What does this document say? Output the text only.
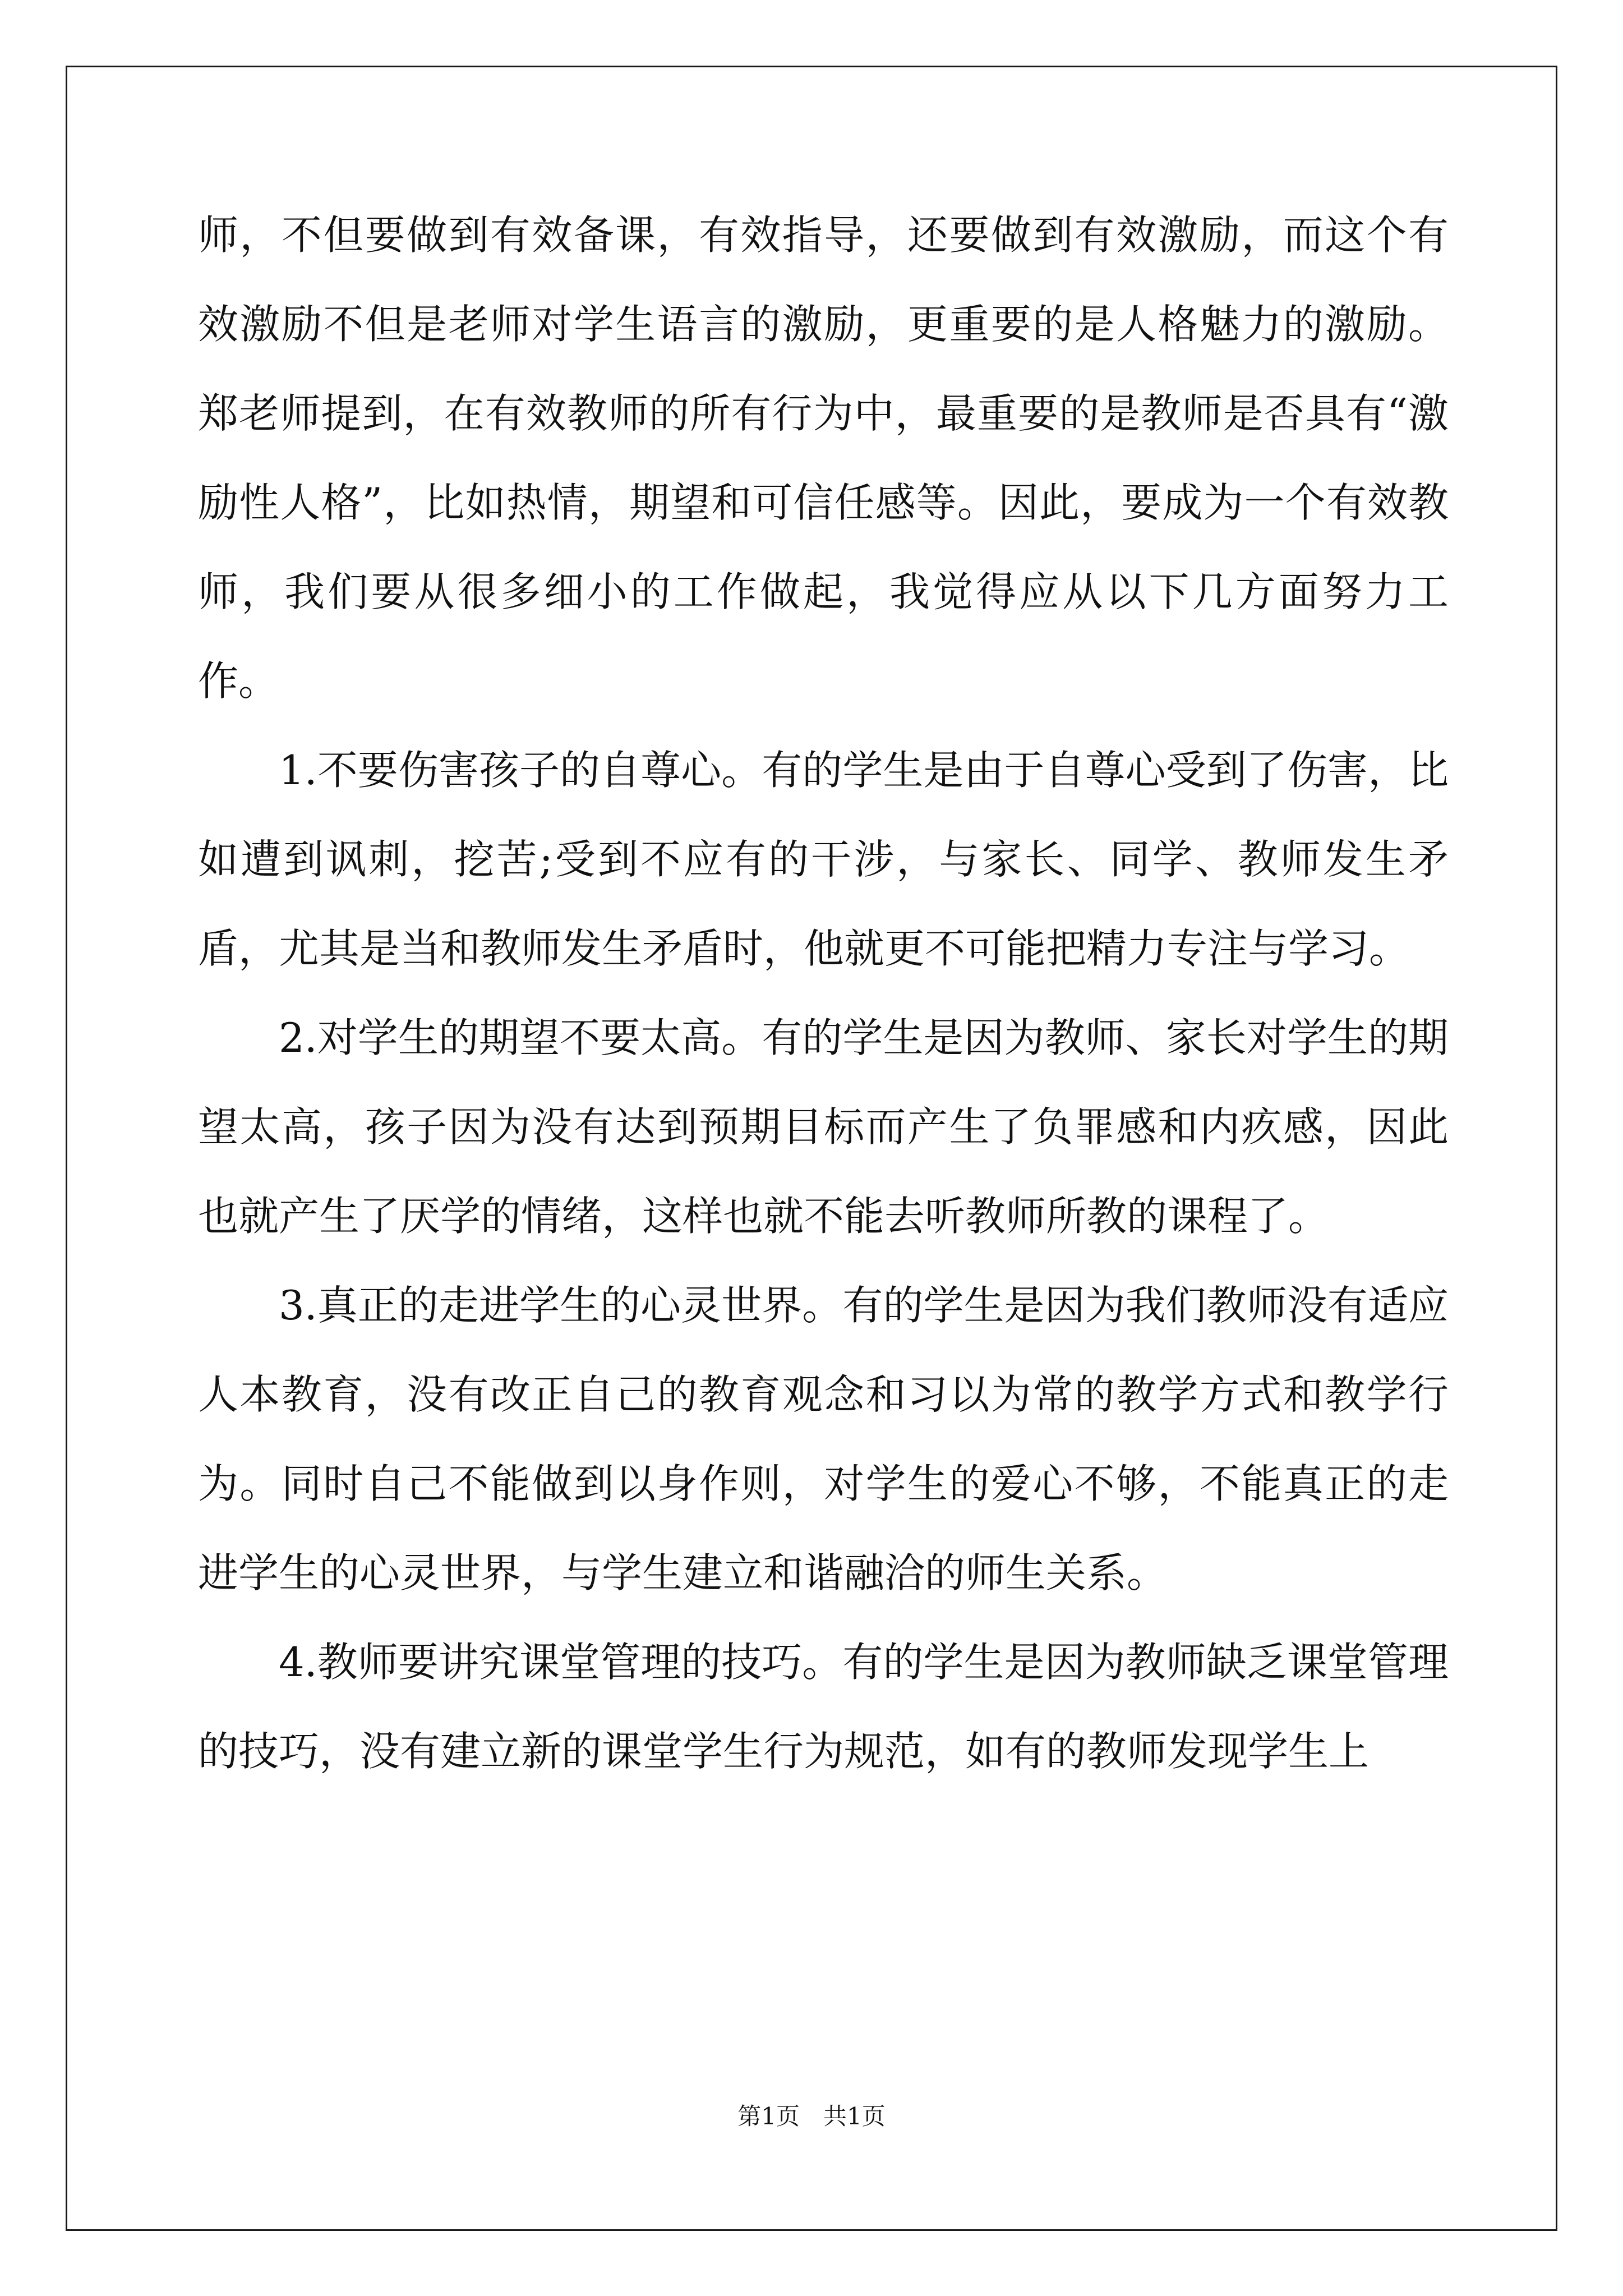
师，不但要做到有效备课，有效指导，还要做到有效激励，而这个有效激励不但是老师对学生语言的激励，更重要的是人格魅力的激励。郑老师提到，在有效教师的所有行为中，最重要的是教师是否具有“激励性人格”，比如热情，期望和可信任感等。因此，要成为一个有效教师，我们要从很多细小的工作做起，我觉得应从以下几方面努力工作。

1.不要伤害孩子的自尊心。有的学生是由于自尊心受到了伤害，比如遭到讽刺，挖苦;受到不应有的干涉，与家长、同学、教师发生矛盾，尤其是当和教师发生矛盾时，他就更不可能把精力专注与学习。

2.对学生的期望不要太高。有的学生是因为教师、家长对学生的期望太高，孩子因为没有达到预期目标而产生了负罪感和内疚感，因此也就产生了厌学的情绪，这样也就不能去听教师所教的课程了。

3.真正的走进学生的心灵世界。有的学生是因为我们教师没有适应人本教育，没有改正自己的教育观念和习以为常的教学方式和教学行为。同时自己不能做到以身作则，对学生的爱心不够，不能真正的走进学生的心灵世界，与学生建立和谐融洽的师生关系。

4.教师要讲究课堂管理的技巧。有的学生是因为教师缺乏课堂管理的技巧，没有建立新的课堂学生行为规范，如有的教师发现学生上

第1页　共1页
